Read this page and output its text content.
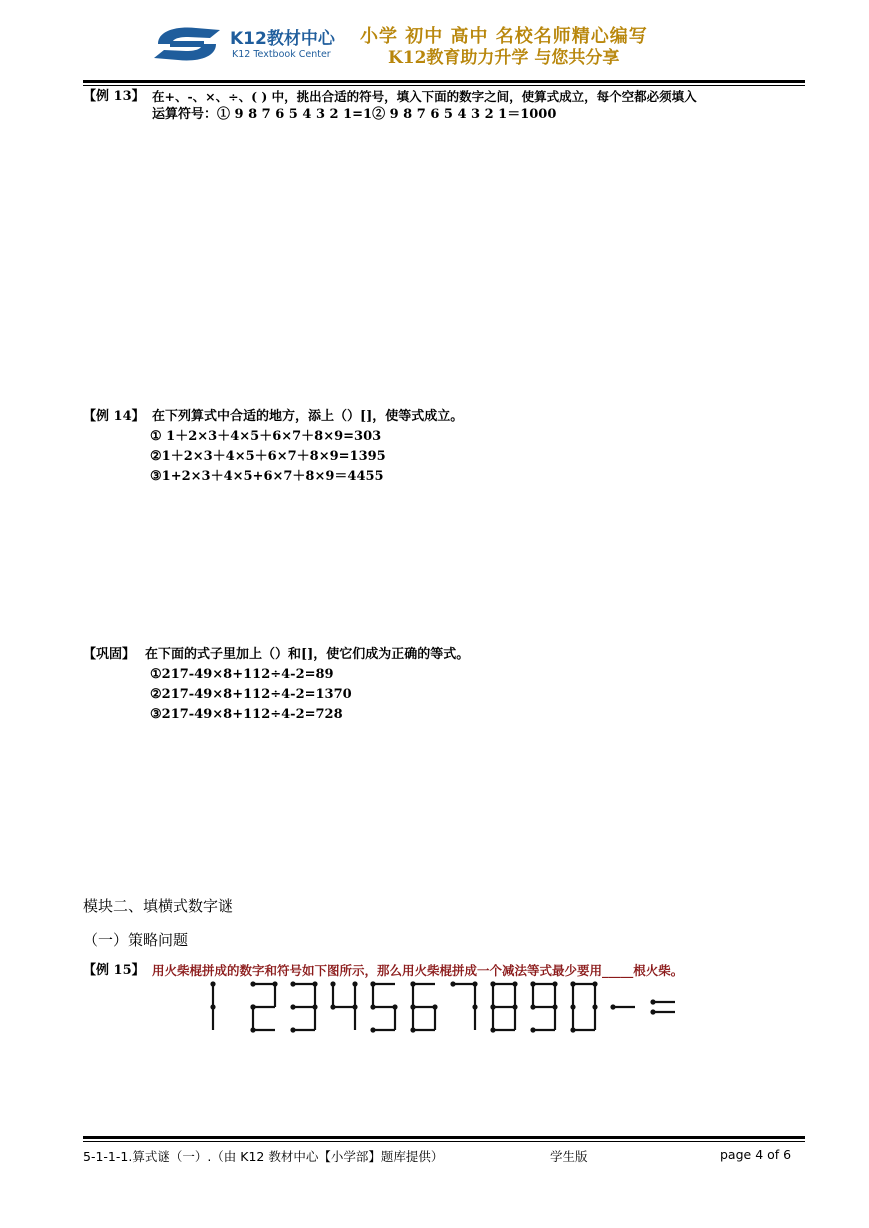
K12教材中心
K12 Textbook Center
小学 初中 高中 名校名师精心编写
K12教育助力升学 与您共分享
【例 13】 在+、-、×、÷、( ) 中，挑出合适的符号，填入下面的数字之间，使算式成立，每个空都必须填入
运算符号：① 9 8 7 6 5 4 3 2 1=1② 9 8 7 6 5 4 3 2 1＝1000
【例 14】 在下列算式中合适的地方，添上（）[]，使等式成立。
① 1＋2×3＋4×5＋6×7＋8×9=303
②1＋2×3＋4×5＋6×7＋8×9=1395
③1+2×3＋4×5+6×7＋8×9＝4455
【巩固】 在下面的式子里加上（）和[]，使它们成为正确的等式。
①217-49×8+112÷4-2=89
②217-49×8+112÷4-2=1370
③217-49×8+112÷4-2=728
模块二、填横式数字谜
（一）策略问题
【例 15】 用火柴棍拼成的数字和符号如下图所示，那么用火柴棍拼成一个减法等式最少要用_____根火柴。
5-1-1-1.算式谜（一）.（由 K12 教材中心【小学部】题库提供）	学生版	page 4 of 6
